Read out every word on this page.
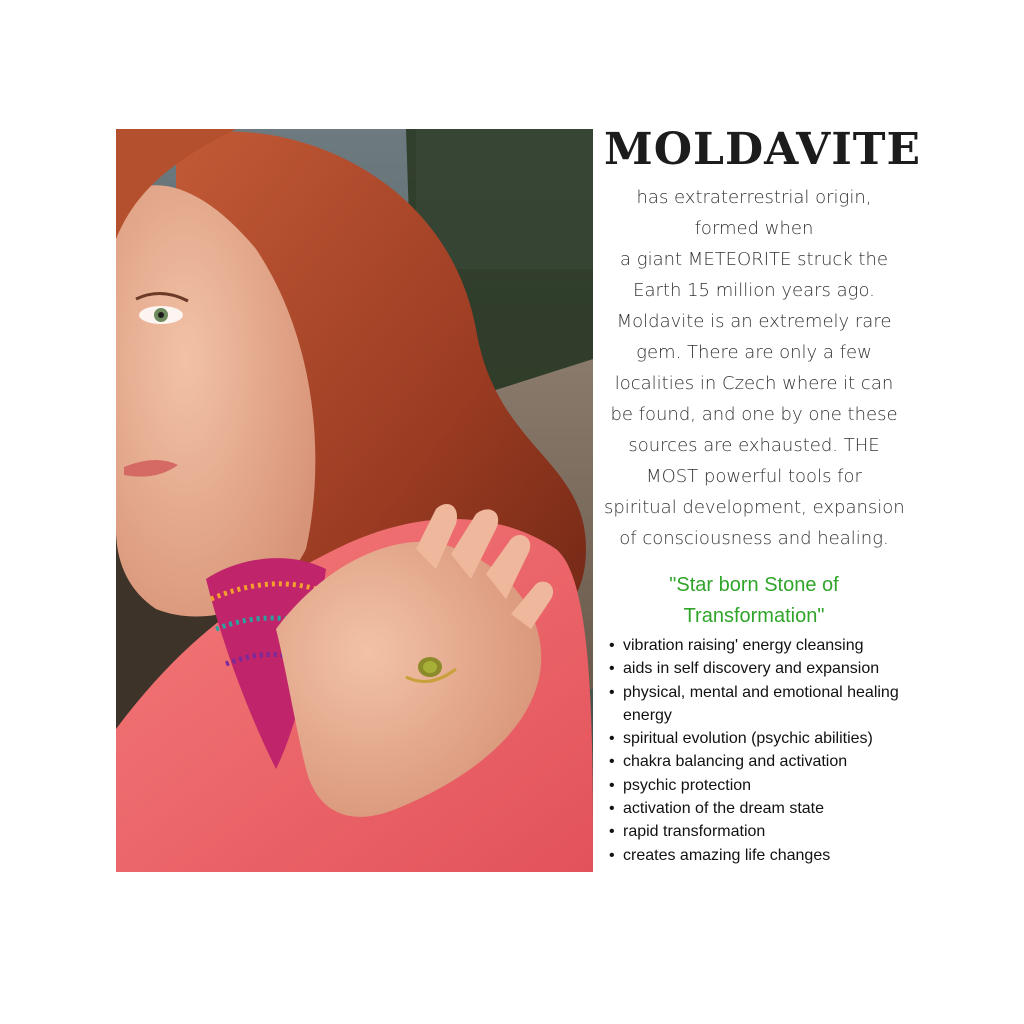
MOLDAVITE
has extraterrestrial origin,
formed when
a giant METEORITE struck the
Earth 15 million years ago.
Moldavite is an extremely rare
gem. There are only a few
localities in Czech where it can
be found, and one by one these
sources are exhausted. THE
MOST powerful tools for
spiritual development, expansion
of consciousness and healing.
"Star born Stone of
Transformation"
• vibration raising' energy cleansing
• aids in self discovery and expansion
• physical, mental and emotional healing energy
• spiritual evolution (psychic abilities)
• chakra balancing and activation
• psychic protection
• activation of the dream state
• rapid transformation
• creates amazing life changes
